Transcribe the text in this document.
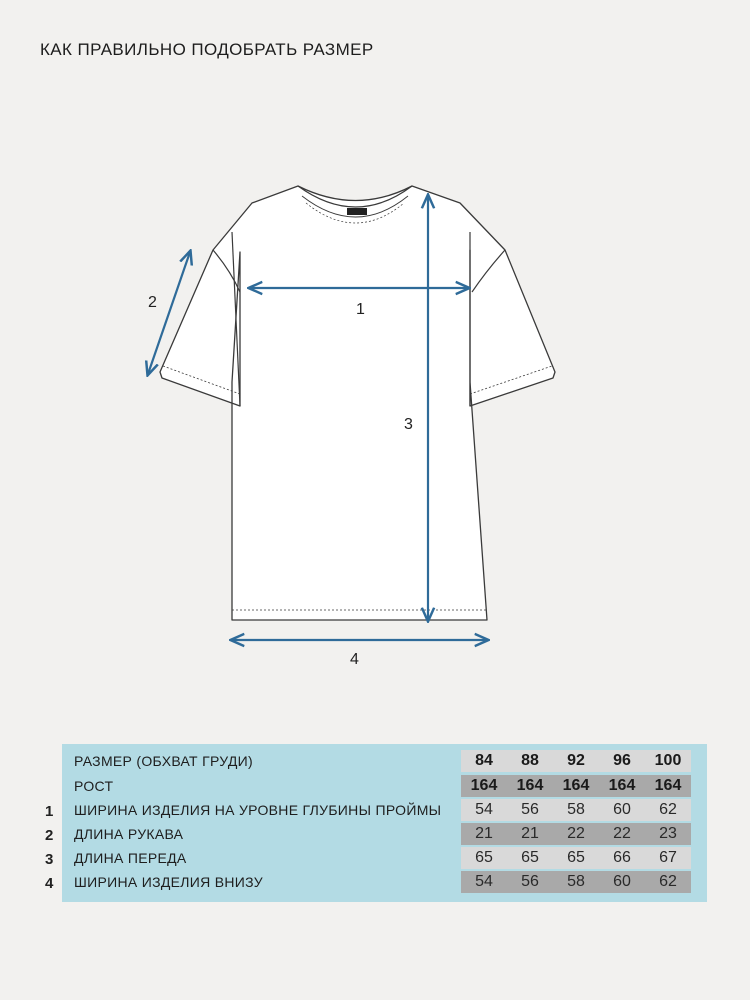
КАК ПРАВИЛЬНО ПОДОБРАТЬ РАЗМЕР
1
2
3
4
РАЗМЕР (ОБХВАТ ГРУДИ)	84	88	92	96	100
РОСТ	164	164	164	164	164
ШИРИНА ИЗДЕЛИЯ НА УРОВНЕ ГЛУБИНЫ ПРОЙМЫ	54	56	58	60	62
ДЛИНА РУКАВА	21	21	22	22	23
ДЛИНА ПЕРЕДА	65	65	65	66	67
ШИРИНА ИЗДЕЛИЯ ВНИЗУ	54	56	58	60	62
1
2
3
4
